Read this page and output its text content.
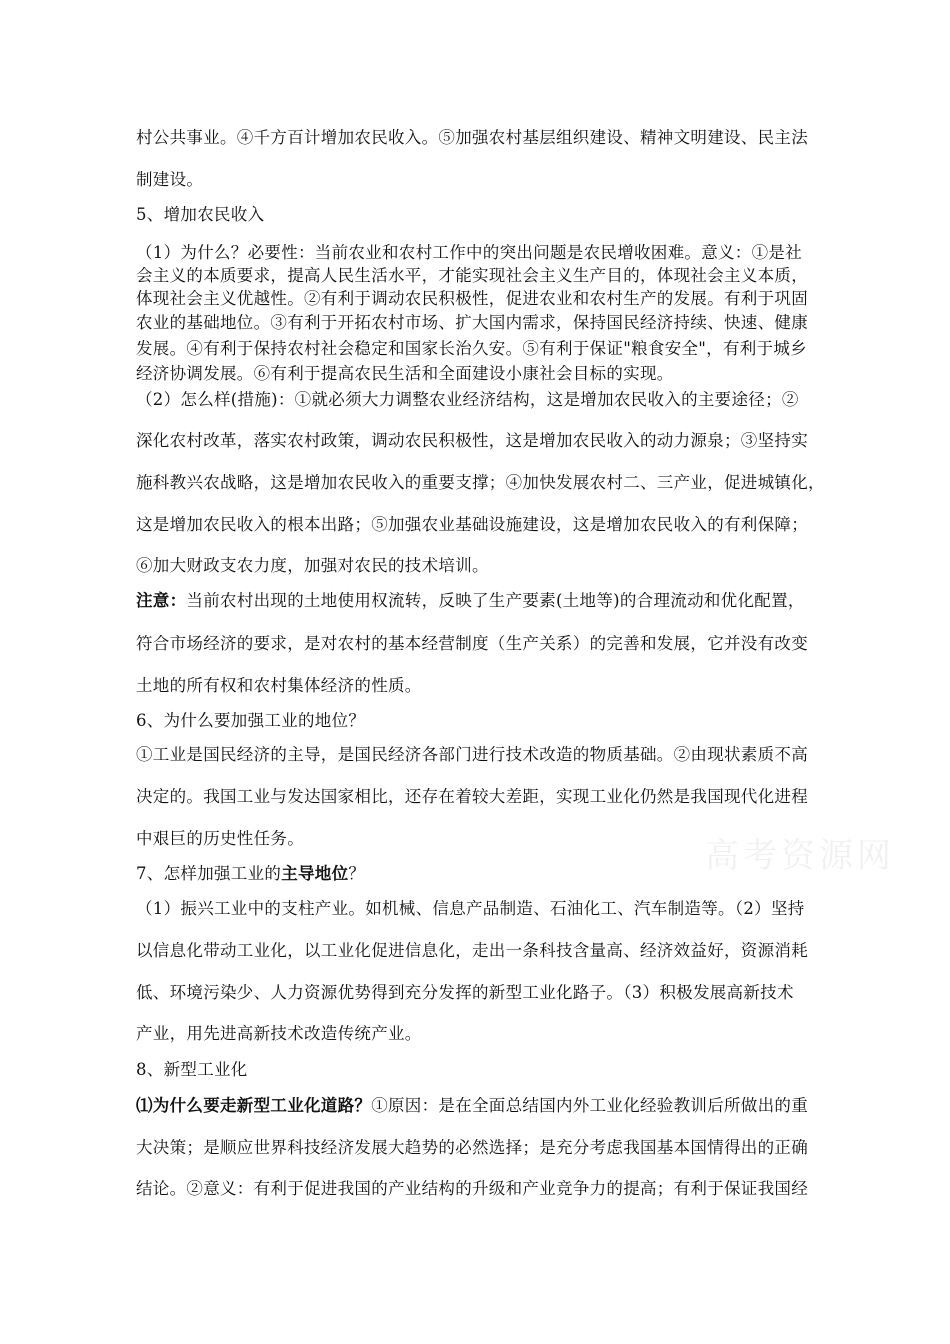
村公共事业。④千方百计增加农民收入。⑤加强农村基层组织建设、精神文明建设、民主法
制建设。
5、增加农民收入
（1）为什么？必要性：当前农业和农村工作中的突出问题是农民增收困难。意义：①是社
会主义的本质要求，提高人民生活水平，才能实现社会主义生产目的，体现社会主义本质，
体现社会主义优越性。②有利于调动农民积极性，促进农业和农村生产的发展。有利于巩固
农业的基础地位。③有利于开拓农村市场、扩大国内需求，保持国民经济持续、快速、健康
发展。④有利于保持农村社会稳定和国家长治久安。⑤有利于保证"粮食安全"，有利于城乡
经济协调发展。⑥有利于提高农民生活和全面建设小康社会目标的实现。
（2）怎么样(措施)：①就必须大力调整农业经济结构，这是增加农民收入的主要途径；②
深化农村改革，落实农村政策，调动农民积极性，这是增加农民收入的动力源泉；③坚持实
施科教兴农战略，这是增加农民收入的重要支撑；④加快发展农村二、三产业，促进城镇化，
这是增加农民收入的根本出路；⑤加强农业基础设施建设，这是增加农民收入的有利保障；
⑥加大财政支农力度，加强对农民的技术培训。
注意：当前农村出现的土地使用权流转，反映了生产要素(土地等)的合理流动和优化配置，
符合市场经济的要求，是对农村的基本经营制度（生产关系）的完善和发展，它并没有改变
土地的所有权和农村集体经济的性质。
6、为什么要加强工业的地位？
①工业是国民经济的主导，是国民经济各部门进行技术改造的物质基础。②由现状素质不高
决定的。我国工业与发达国家相比，还存在着较大差距，实现工业化仍然是我国现代化进程
中艰巨的历史性任务。
7、怎样加强工业的主导地位？
（1）振兴工业中的支柱产业。如机械、信息产品制造、石油化工、汽车制造等。（2）坚持
以信息化带动工业化，以工业化促进信息化，走出一条科技含量高、经济效益好，资源消耗
低、环境污染少、人力资源优势得到充分发挥的新型工业化路子。（3）积极发展高新技术
产业，用先进高新技术改造传统产业。
8、新型工业化
⑴为什么要走新型工业化道路？①原因：是在全面总结国内外工业化经验教训后所做出的重
大决策；是顺应世界科技经济发展大趋势的必然选择；是充分考虑我国基本国情得出的正确
结论。②意义：有利于促进我国的产业结构的升级和产业竞争力的提高；有利于保证我国经
高考资源网
